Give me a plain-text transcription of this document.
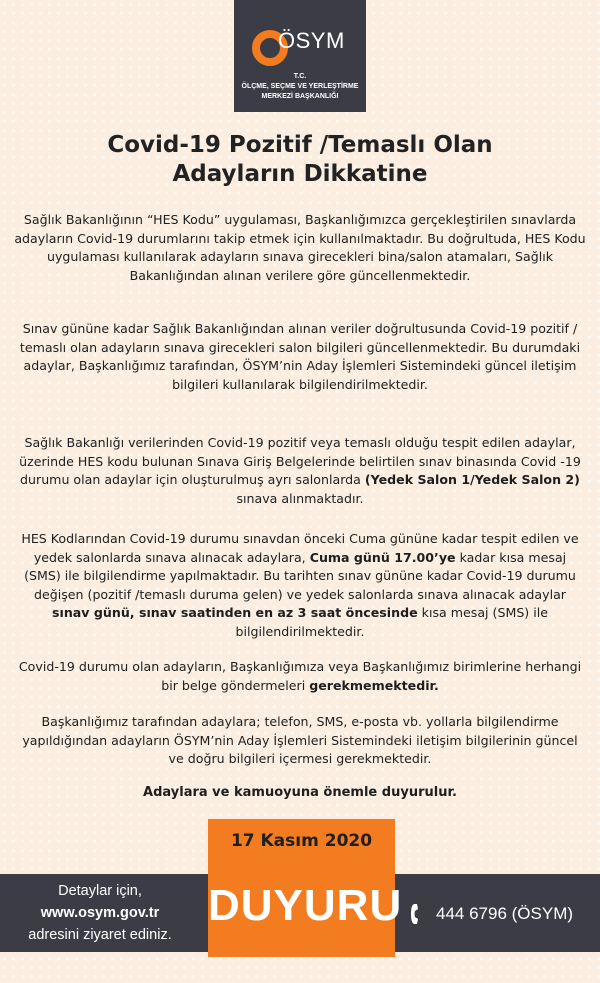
ÖSYM
T.C.
ÖLÇME, SEÇME VE YERLEŞTİRME
MERKEZİ BAŞKANLIĞI
Covid-19 Pozitif /Temaslı Olan
Adayların Dikkatine

Sağlık Bakanlığının “HES Kodu” uygulaması, Başkanlığımızca gerçekleştirilen sınavlarda adayların Covid-19 durumlarını takip etmek için kullanılmaktadır. Bu doğrultuda, HES Kodu uygulaması kullanılarak adayların sınava girecekleri bina/salon atamaları, Sağlık Bakanlığından alınan verilere göre güncellenmektedir.

Sınav gününe kadar Sağlık Bakanlığından alınan veriler doğrultusunda Covid-19 pozitif / temaslı olan adayların sınava girecekleri salon bilgileri güncellenmektedir. Bu durumdaki adaylar, Başkanlığımız tarafından, ÖSYM’nin Aday İşlemleri Sistemindeki güncel iletişim bilgileri kullanılarak bilgilendirilmektedir.

Sağlık Bakanlığı verilerinden Covid-19 pozitif veya temaslı olduğu tespit edilen adaylar, üzerinde HES kodu bulunan Sınava Giriş Belgelerinde belirtilen sınav binasında Covid -19 durumu olan adaylar için oluşturulmuş ayrı salonlarda (Yedek Salon 1/Yedek Salon 2) sınava alınmaktadır.

HES Kodlarından Covid-19 durumu sınavdan önceki Cuma gününe kadar tespit edilen ve yedek salonlarda sınava alınacak adaylara, Cuma günü 17.00’ye kadar kısa mesaj (SMS) ile bilgilendirme yapılmaktadır. Bu tarihten sınav gününe kadar Covid-19 durumu değişen (pozitif /temaslı duruma gelen) ve yedek salonlarda sınava alınacak adaylar sınav günü, sınav saatinden en az 3 saat öncesinde kısa mesaj (SMS) ile bilgilendirilmektedir.

Covid-19 durumu olan adayların, Başkanlığımıza veya Başkanlığımız birimlerine herhangi bir belge göndermeleri gerekmemektedir.

Başkanlığımız tarafından adaylara; telefon, SMS, e-posta vb. yollarla bilgilendirme yapıldığından adayların ÖSYM’nin Aday İşlemleri Sistemindeki iletişim bilgilerinin güncel ve doğru bilgileri içermesi gerekmektedir.

Adaylara ve kamuoyuna önemle duyurulur.
Detaylar için,
www.osym.gov.tr
adresini ziyaret ediniz.
17 Kasım 2020
DUYURU 444 6796 (ÖSYM)
